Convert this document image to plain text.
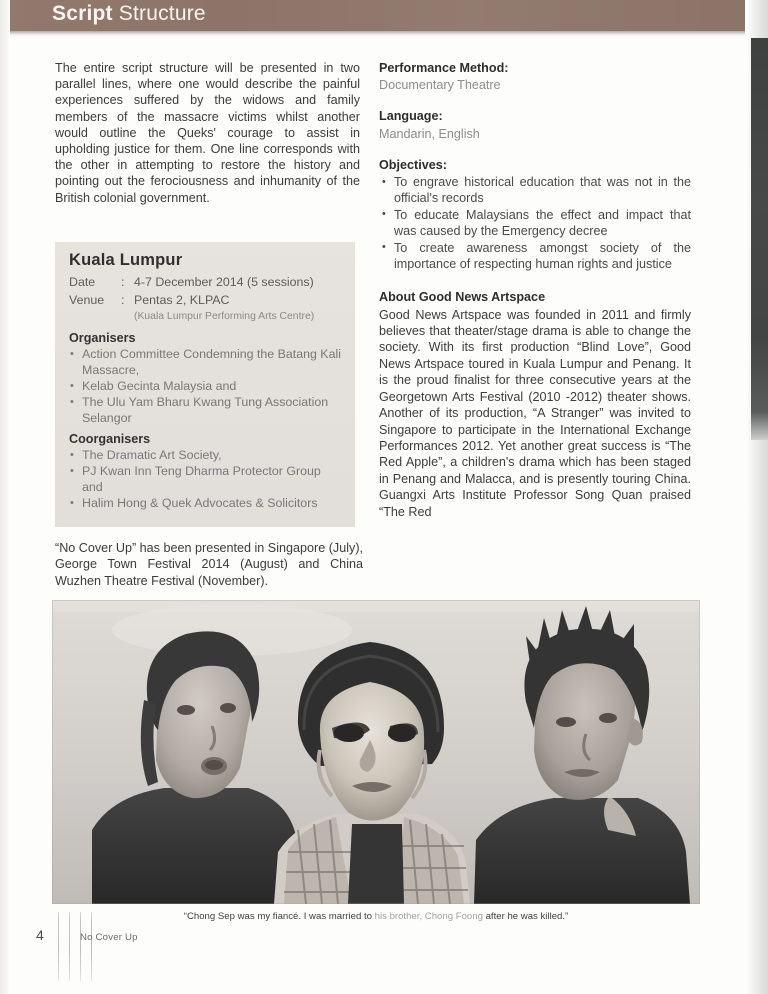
Script Structure

The entire script structure will be presented in two parallel lines, where one would describe the painful experiences suffered by the widows and family members of the massacre victims whilst another would outline the Queks' courage to assist in upholding justice for them. One line corresponds with the other in attempting to restore the history and pointing out the ferociousness and inhumanity of the British colonial government.

Kuala Lumpur
Date	: 4-7 December 2014 (5 sessions)
Venue	: Pentas 2, KLPAC
(Kuala Lumpur Performing Arts Centre)
Organisers
• Action Committee Condemning the Batang Kali Massacre,
• Kelab Gecinta Malaysia and
• The Ulu Yam Bharu Kwang Tung Association Selangor
Coorganisers
• The Dramatic Art Society,
• PJ Kwan Inn Teng Dharma Protector Group and
• Halim Hong & Quek Advocates & Solicitors

“No Cover Up” has been presented in Singapore (July), George Town Festival 2014 (August) and China Wuzhen Theatre Festival (November).

Performance Method:
Documentary Theatre
Language:
Mandarin, English
Objectives:
• To engrave historical education that was not in the official's records
• To educate Malaysians the effect and impact that was caused by the Emergency decree
• To create awareness amongst society of the importance of respecting human rights and justice
About Good News Artspace

Good News Artspace was founded in 2011 and firmly believes that theater/stage drama is able to change the society. With its first production “Blind Love”, Good News Artspace toured in Kuala Lumpur and Penang. It is the proud finalist for three consecutive years at the Georgetown Arts Festival (2010 -2012) theater shows. Another of its production, “A Stranger” was invited to Singapore to participate in the International Exchange Performances 2012. Yet another great success is “The Red Apple”, a children's drama which has been staged in Penang and Malacca, and is presently touring China. Guangxi Arts Institute Professor Song Quan praised “The Red

“Chong Sep was my fiancé. I was married to his brother, Chong Foong after he was killed.”
4	No Cover Up
